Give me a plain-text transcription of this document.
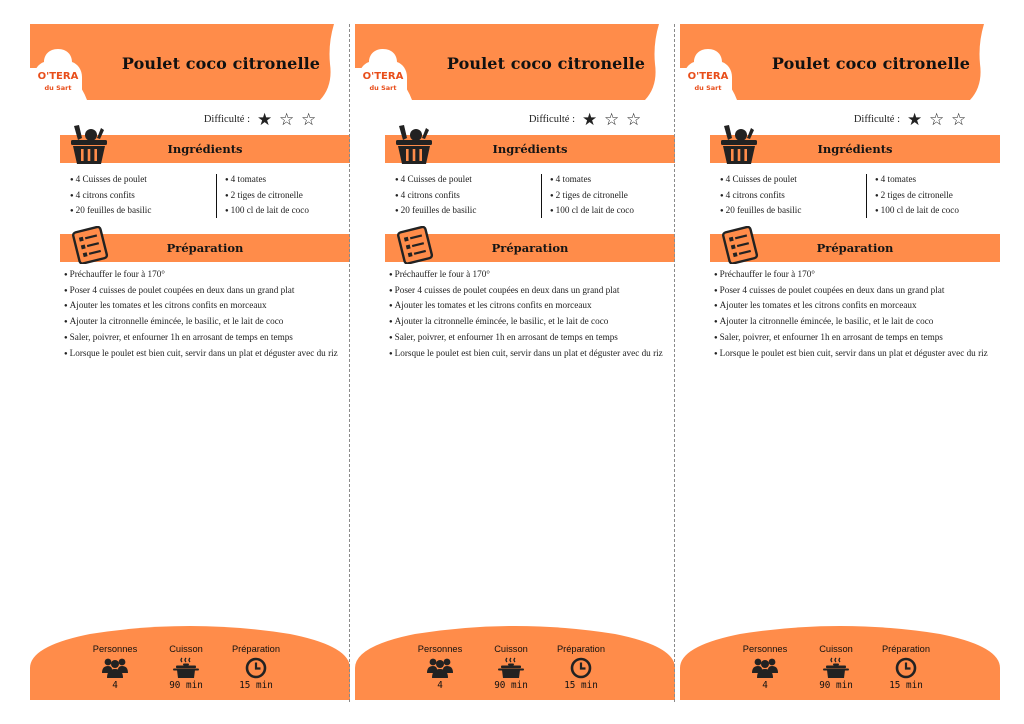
O'TERA
du Sart
Poulet coco citronelle
Difficulté : ★ ☆ ☆
Ingrédients
● 4 Cuisses de poulet
● 4 citrons confits
● 20 feuilles de basilic
● 4 tomates
● 2 tiges de citronelle
● 100 cl de lait de coco
Préparation
● Préchauffer le four à 170°
● Poser 4 cuisses de poulet coupées en deux dans un grand plat
● Ajouter les tomates et les citrons confits en morceaux
● Ajouter la citronnelle émincée, le basilic, et le lait de coco
● Saler, poivrer, et enfourner 1h en arrosant de temps en temps
● Lorsque le poulet est bien cuit, servir dans un plat et déguster avec du riz
Personnes
4
Cuisson
90 min
Préparation
15 min
O'TERA
du Sart
Poulet coco citronelle
Difficulté : ★ ☆ ☆
Ingrédients
● 4 Cuisses de poulet
● 4 citrons confits
● 20 feuilles de basilic
● 4 tomates
● 2 tiges de citronelle
● 100 cl de lait de coco
Préparation
● Préchauffer le four à 170°
● Poser 4 cuisses de poulet coupées en deux dans un grand plat
● Ajouter les tomates et les citrons confits en morceaux
● Ajouter la citronnelle émincée, le basilic, et le lait de coco
● Saler, poivrer, et enfourner 1h en arrosant de temps en temps
● Lorsque le poulet est bien cuit, servir dans un plat et déguster avec du riz
Personnes
4
Cuisson
90 min
Préparation
15 min
O'TERA
du Sart
Poulet coco citronelle
Difficulté : ★ ☆ ☆
Ingrédients
● 4 Cuisses de poulet
● 4 citrons confits
● 20 feuilles de basilic
● 4 tomates
● 2 tiges de citronelle
● 100 cl de lait de coco
Préparation
● Préchauffer le four à 170°
● Poser 4 cuisses de poulet coupées en deux dans un grand plat
● Ajouter les tomates et les citrons confits en morceaux
● Ajouter la citronnelle émincée, le basilic, et le lait de coco
● Saler, poivrer, et enfourner 1h en arrosant de temps en temps
● Lorsque le poulet est bien cuit, servir dans un plat et déguster avec du riz
Personnes
4
Cuisson
90 min
Préparation
15 min
